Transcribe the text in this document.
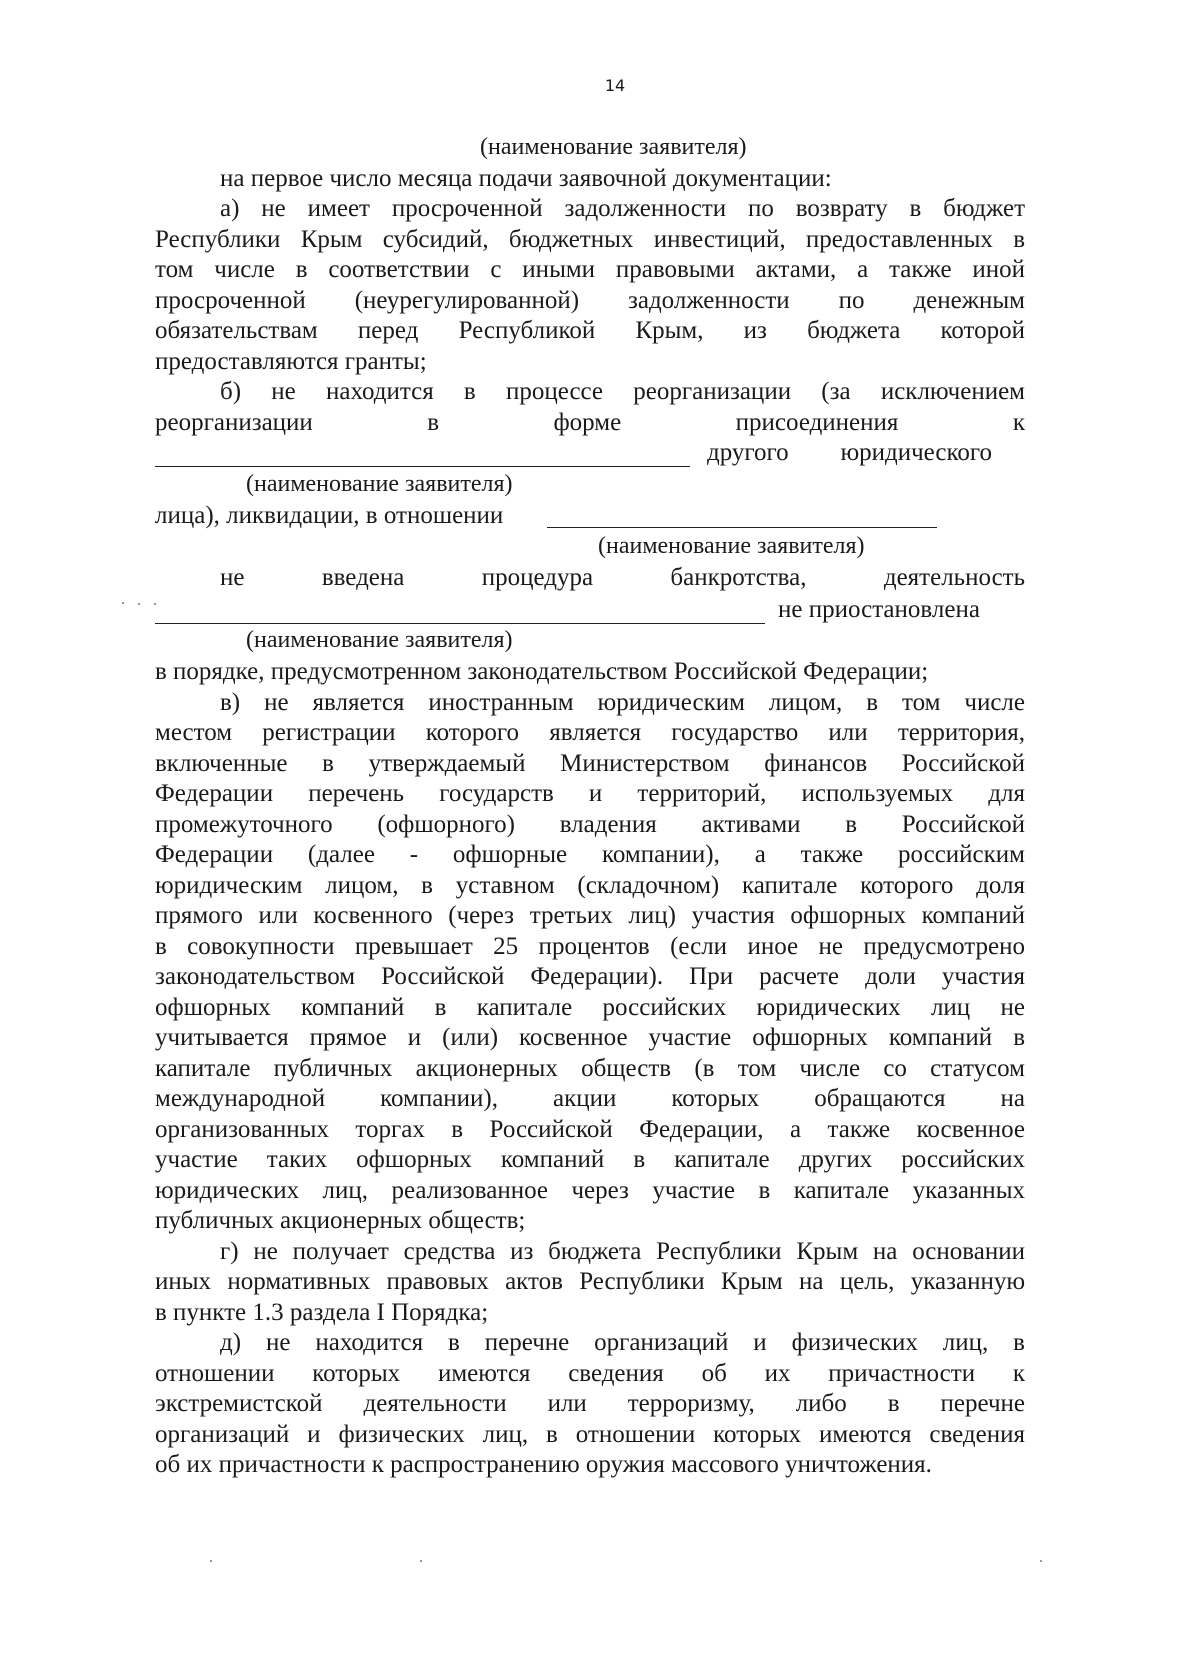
14
(наименование заявителя)
на первое число месяца подачи заявочной документации:
а) не имеет просроченной задолженности по возврату в бюджет
Республики Крым субсидий, бюджетных инвестиций, предоставленных в
том числе в соответствии с иными правовыми актами, а также иной
просроченной (неурегулированной) задолженности по денежным
обязательствам перед Республикой Крым, из бюджета которой
предоставляются гранты;
б) не находится в процессе реорганизации (за исключением
реорганизации в форме присоединения к
другого юридического
(наименование заявителя)
лица), ликвидации, в отношении
(наименование заявителя)
не введена процедура банкротства, деятельность
не приостановлена
(наименование заявителя)
в порядке, предусмотренном законодательством Российской Федерации;
в) не является иностранным юридическим лицом, в том числе
местом регистрации которого является государство или территория,
включенные в утверждаемый Министерством финансов Российской
Федерации перечень государств и территорий, используемых для
промежуточного (офшорного) владения активами в Российской
Федерации (далее - офшорные компании), а также российским
юридическим лицом, в уставном (складочном) капитале которого доля
прямого или косвенного (через третьих лиц) участия офшорных компаний
в совокупности превышает 25 процентов (если иное не предусмотрено
законодательством Российской Федерации). При расчете доли участия
офшорных компаний в капитале российских юридических лиц не
учитывается прямое и (или) косвенное участие офшорных компаний в
капитале публичных акционерных обществ (в том числе со статусом
международной компании), акции которых обращаются на
организованных торгах в Российской Федерации, а также косвенное
участие таких офшорных компаний в капитале других российских
юридических лиц, реализованное через участие в капитале указанных
публичных акционерных обществ;
г) не получает средства из бюджета Республики Крым на основании
иных нормативных правовых актов Республики Крым на цель, указанную
в пункте 1.3 раздела I Порядка;
д) не находится в перечне организаций и физических лиц, в
отношении которых имеются сведения об их причастности к
экстремистской деятельности или терроризму, либо в перечне
организаций и физических лиц, в отношении которых имеются сведения
об их причастности к распространению оружия массового уничтожения.
